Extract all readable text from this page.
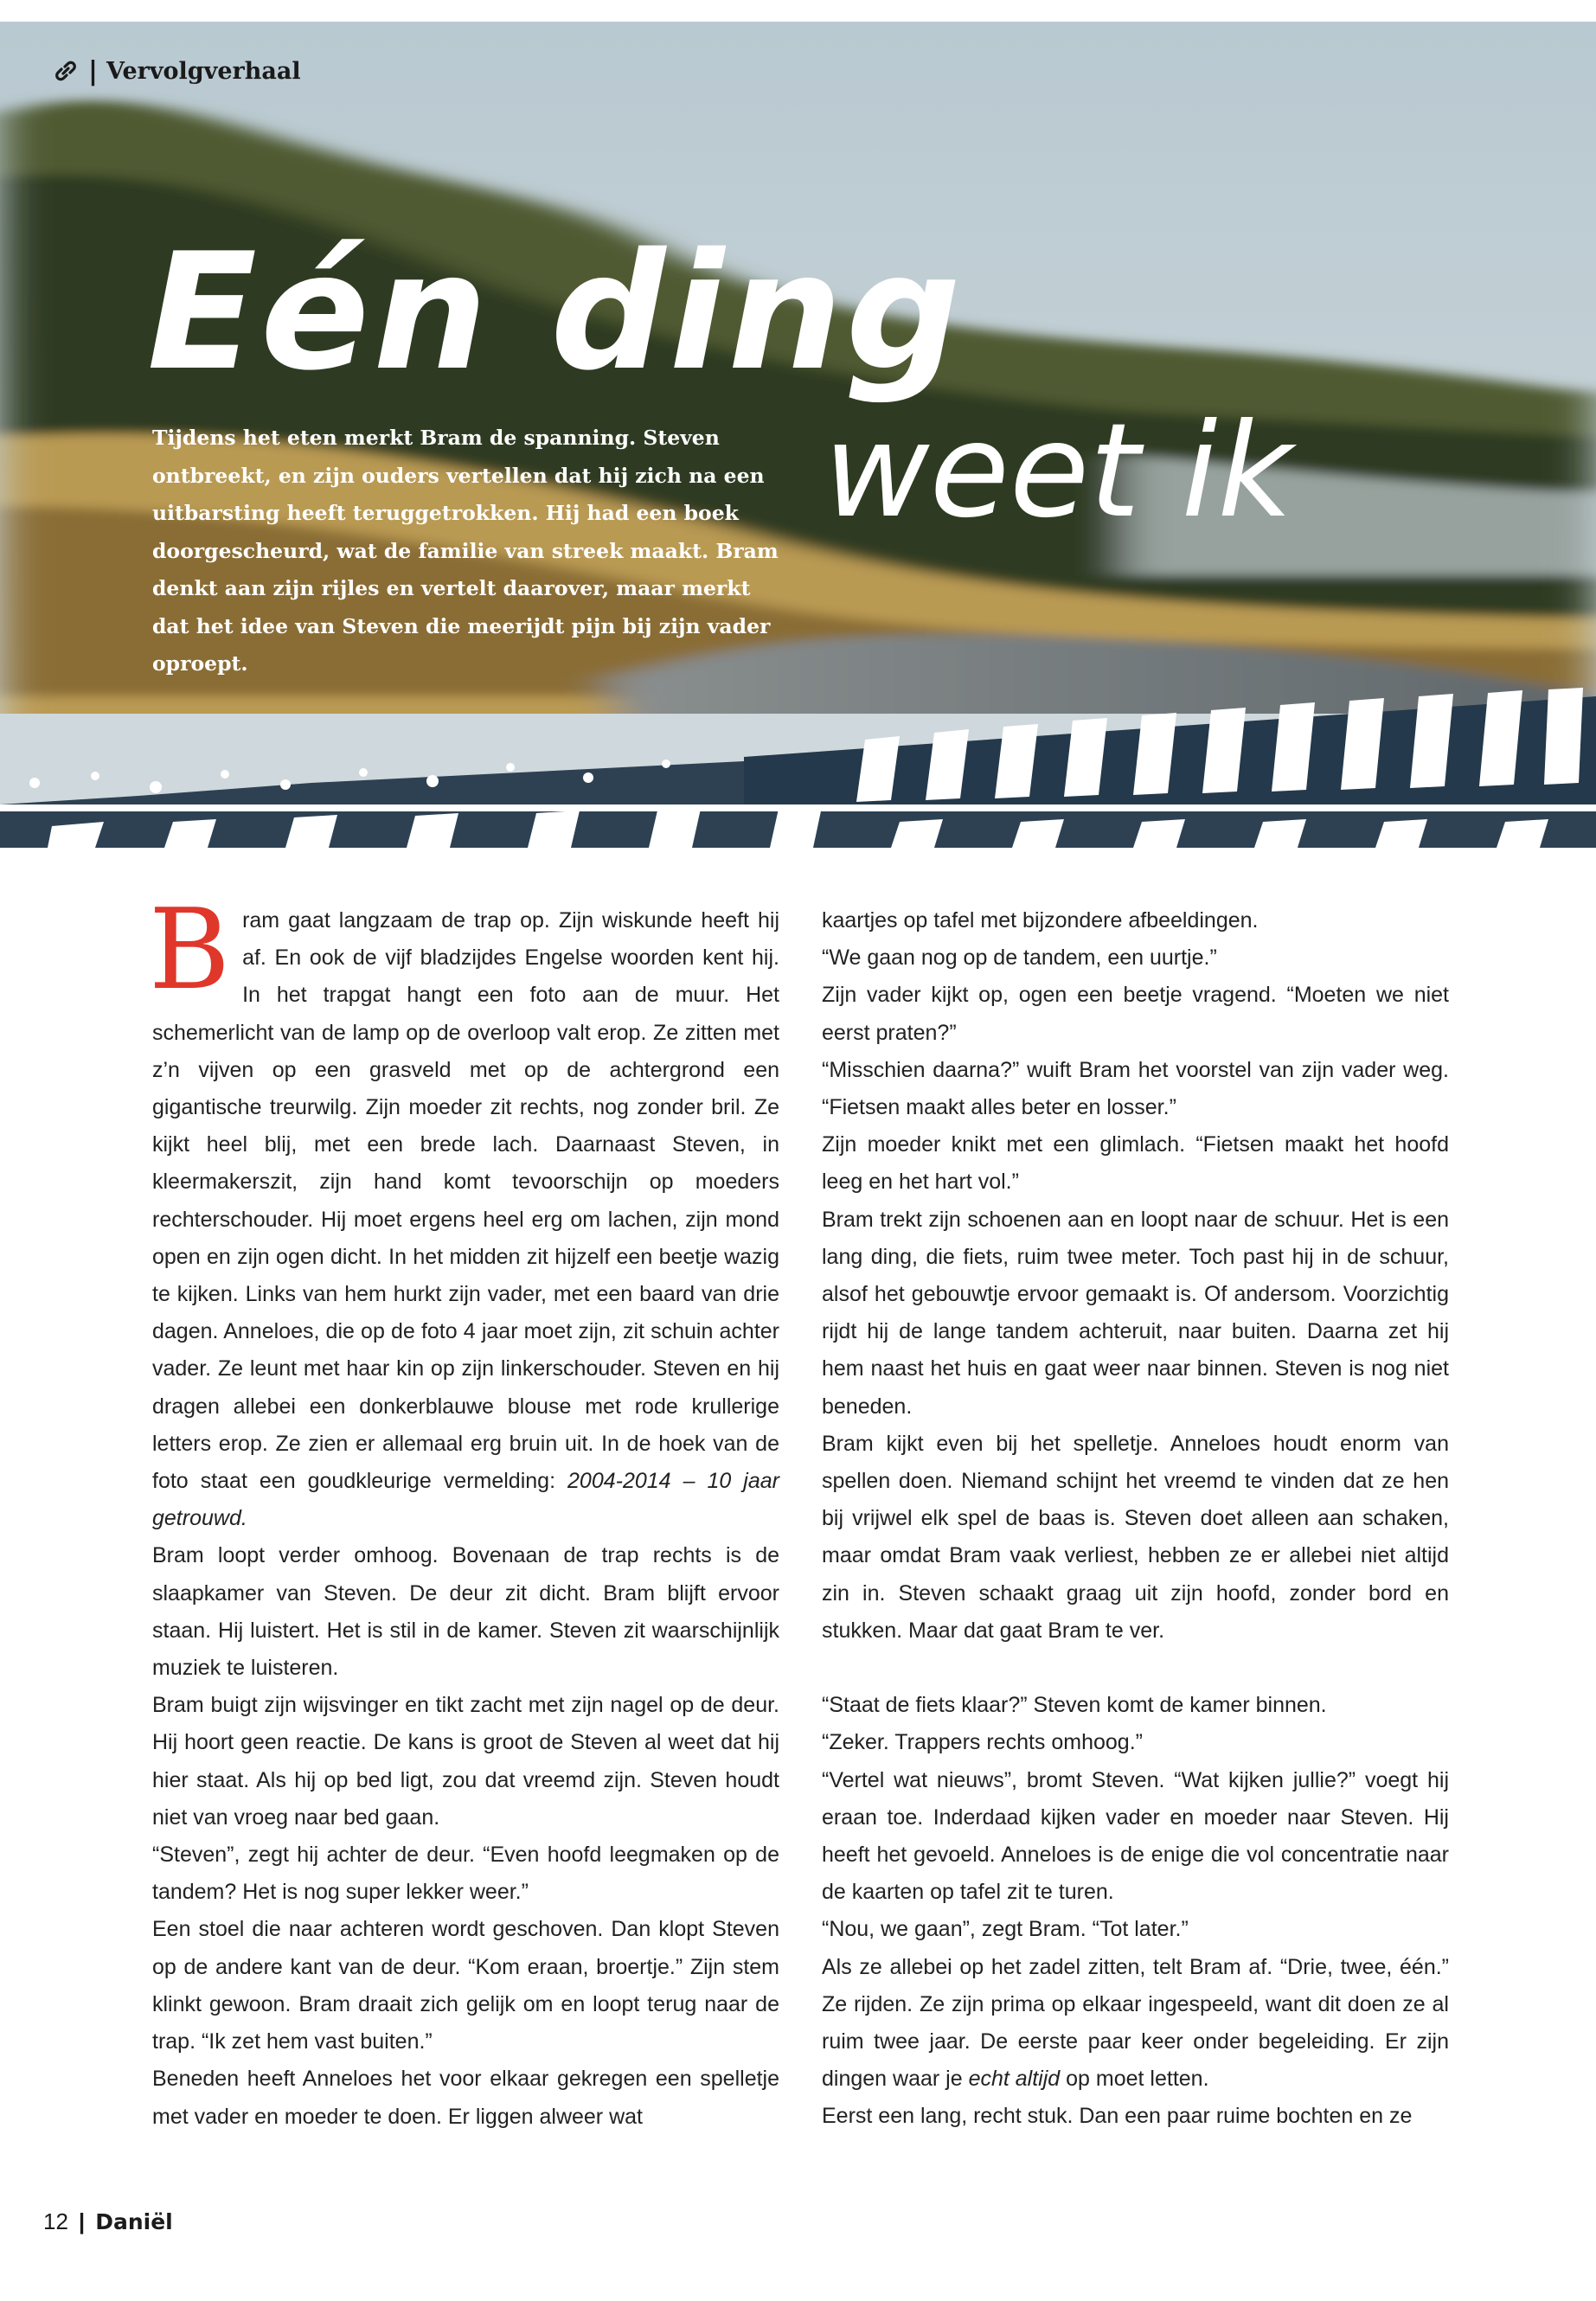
| Vervolgverhaal
Eén ding
weet ik
Tijdens het eten merkt Bram de spanning. Steven ontbreekt, en zijn ouders vertellen dat hij zich na een uitbarsting heeft teruggetrokken. Hij had een boek doorgescheurd, wat de familie van streek maakt. Bram denkt aan zijn rijles en vertelt daarover, maar merkt dat het idee van Steven die meerijdt pijn bij zijn vader oproept.

Bram gaat langzaam de trap op. Zijn wiskunde heeft hij af. En ook de vijf bladzijdes Engelse woorden kent hij. In het trapgat hangt een foto aan de muur. Het schemerlicht van de lamp op de overloop valt erop. Ze zitten met z’n vijven op een grasveld met op de achtergrond een gigantische treurwilg. Zijn moeder zit rechts, nog zonder bril. Ze kijkt heel blij, met een brede lach. Daarnaast Steven, in kleermakerszit, zijn hand komt tevoorschijn op moeders rechterschouder. Hij moet ergens heel erg om lachen, zijn mond open en zijn ogen dicht. In het midden zit hijzelf een beetje wazig te kijken. Links van hem hurkt zijn vader, met een baard van drie dagen. Anneloes, die op de foto 4 jaar moet zijn, zit schuin achter vader. Ze leunt met haar kin op zijn linkerschouder. Steven en hij dragen allebei een donkerblauwe blouse met rode krullerige letters erop. Ze zien er allemaal erg bruin uit. In de hoek van de foto staat een goudkleurige vermelding: 2004-2014 – 10 jaar getrouwd.

Bram loopt verder omhoog. Bovenaan de trap rechts is de slaapkamer van Steven. De deur zit dicht. Bram blijft ervoor staan. Hij luistert. Het is stil in de kamer. Steven zit waarschijnlijk muziek te luisteren.

Bram buigt zijn wijsvinger en tikt zacht met zijn nagel op de deur. Hij hoort geen reactie. De kans is groot de Steven al weet dat hij hier staat. Als hij op bed ligt, zou dat vreemd zijn. Steven houdt niet van vroeg naar bed gaan.

“Steven”, zegt hij achter de deur. “Even hoofd leegmaken op de tandem? Het is nog super lekker weer.”

Een stoel die naar achteren wordt geschoven. Dan klopt Steven op de andere kant van de deur. “Kom eraan, broertje.” Zijn stem klinkt gewoon. Bram draait zich gelijk om en loopt terug naar de trap. “Ik zet hem vast buiten.”

Beneden heeft Anneloes het voor elkaar gekregen een spelletje met vader en moeder te doen. Er liggen alweer wat

kaartjes op tafel met bijzondere afbeeldingen.

“We gaan nog op de tandem, een uurtje.”

Zijn vader kijkt op, ogen een beetje vragend. “Moeten we niet eerst praten?”

“Misschien daarna?” wuift Bram het voorstel van zijn vader weg. “Fietsen maakt alles beter en losser.”

Zijn moeder knikt met een glimlach. “Fietsen maakt het hoofd leeg en het hart vol.”

Bram trekt zijn schoenen aan en loopt naar de schuur. Het is een lang ding, die fiets, ruim twee meter. Toch past hij in de schuur, alsof het gebouwtje ervoor gemaakt is. Of andersom. Voorzichtig rijdt hij de lange tandem achteruit, naar buiten. Daarna zet hij hem naast het huis en gaat weer naar binnen. Steven is nog niet beneden.

Bram kijkt even bij het spelletje. Anneloes houdt enorm van spellen doen. Niemand schijnt het vreemd te vinden dat ze hen bij vrijwel elk spel de baas is. Steven doet alleen aan schaken, maar omdat Bram vaak verliest, hebben ze er allebei niet altijd zin in. Steven schaakt graag uit zijn hoofd, zonder bord en stukken. Maar dat gaat Bram te ver.

“Staat de fiets klaar?” Steven komt de kamer binnen.

“Zeker. Trappers rechts omhoog.”

“Vertel wat nieuws”, bromt Steven. “Wat kijken jullie?” voegt hij eraan toe. Inderdaad kijken vader en moeder naar Steven. Hij heeft het gevoeld. Anneloes is de enige die vol concentratie naar de kaarten op tafel zit te turen.

“Nou, we gaan”, zegt Bram. “Tot later.”

Als ze allebei op het zadel zitten, telt Bram af. “Drie, twee, één.” Ze rijden. Ze zijn prima op elkaar ingespeeld, want dit doen ze al ruim twee jaar. De eerste paar keer onder begeleiding. Er zijn dingen waar je echt altijd op moet letten.

Eerst een lang, recht stuk. Dan een paar ruime bochten en ze

12 | Daniël
